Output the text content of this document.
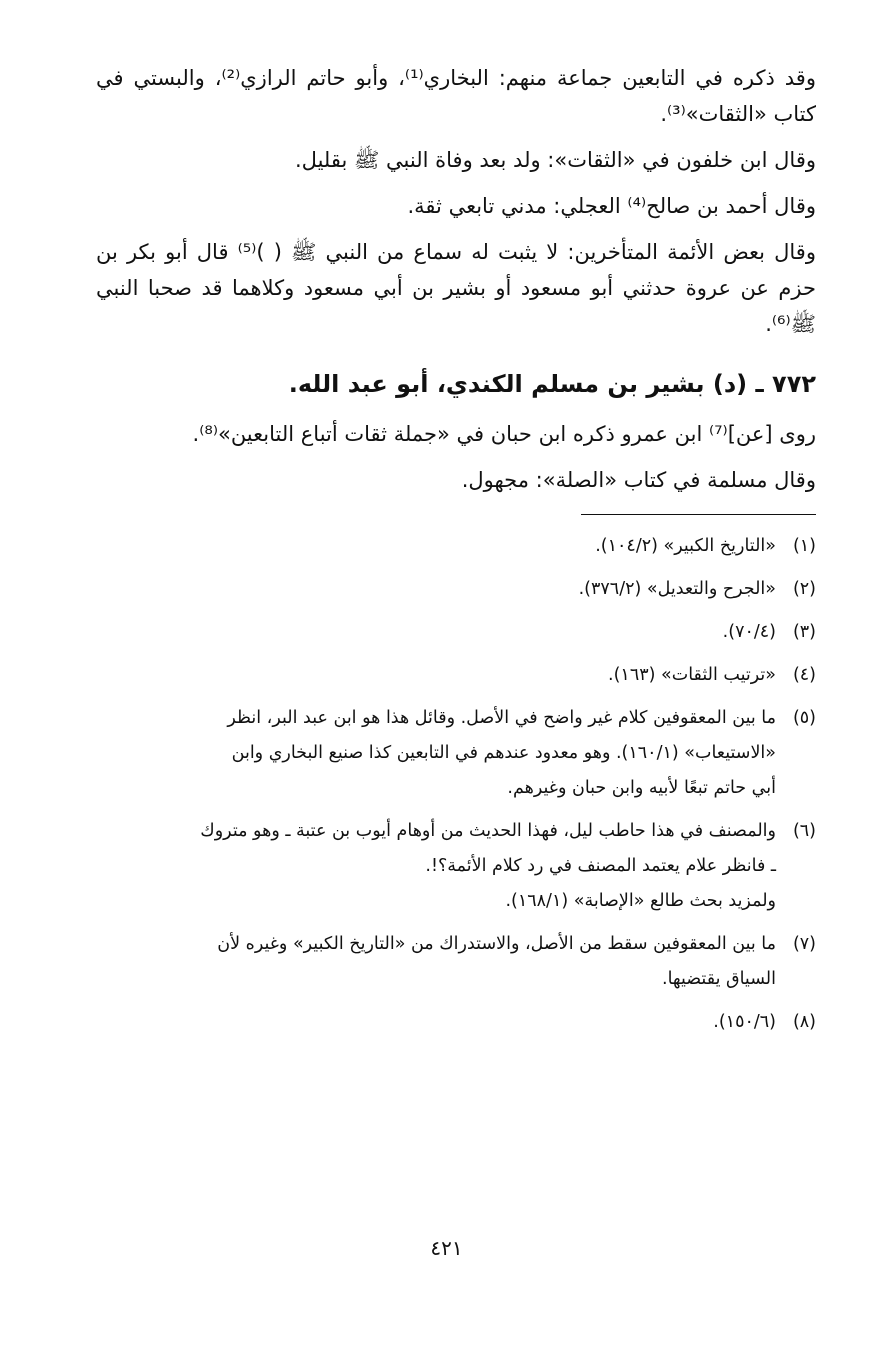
وقد ذكره في التابعين جماعة منهم: البخاري⁽¹⁾، وأبو حاتم الرازي⁽²⁾، والبستي في كتاب «الثقات»⁽³⁾.

وقال ابن خلفون في «الثقات»: ولد بعد وفاة النبي ﷺ بقليل.

وقال أحمد بن صالح⁽⁴⁾ العجلي: مدني تابعي ثقة.

وقال بعض الأئمة المتأخرين: لا يثبت له سماع من النبي ﷺ ( )⁽⁵⁾ قال أبو بكر بن حزم عن عروة حدثني أبو مسعود أو بشير بن أبي مسعود وكلاهما قد صحبا النبي ﷺ⁽⁶⁾.

٧٧٢ ـ (د) بشير بن مسلم الكندي، أبو عبد الله.

روى [عن]⁽⁷⁾ ابن عمرو ذكره ابن حبان في «جملة ثقات أتباع التابعين»⁽⁸⁾.

وقال مسلمة في كتاب «الصلة»: مجهول.

(١)
«التاريخ الكبير» (١٠٤/٢).
(٢)
«الجرح والتعديل» (٣٧٦/٢).
(٣)
(٧٠/٤).
(٤)
«ترتيب الثقات» (١٦٣).
(٥)
ما بين المعقوفين كلام غير واضح في الأصل. وقائل هذا هو ابن عبد البر، انظر
«الاستيعاب» (١٦٠/١). وهو معدود عندهم في التابعين كذا صنيع البخاري وابن
أبي حاتم تبعًا لأبيه وابن حبان وغيرهم.
(٦)
والمصنف في هذا حاطب ليل، فهذا الحديث من أوهام أيوب بن عتبة ـ وهو متروك
ـ فانظر علام يعتمد المصنف في رد كلام الأئمة؟!.
ولمزيد بحث طالع «الإصابة» (١٦٨/١).
(٧)
ما بين المعقوفين سقط من الأصل، والاستدراك من «التاريخ الكبير» وغيره لأن
السياق يقتضيها.
(٨)
(١٥٠/٦).
٤٢١
